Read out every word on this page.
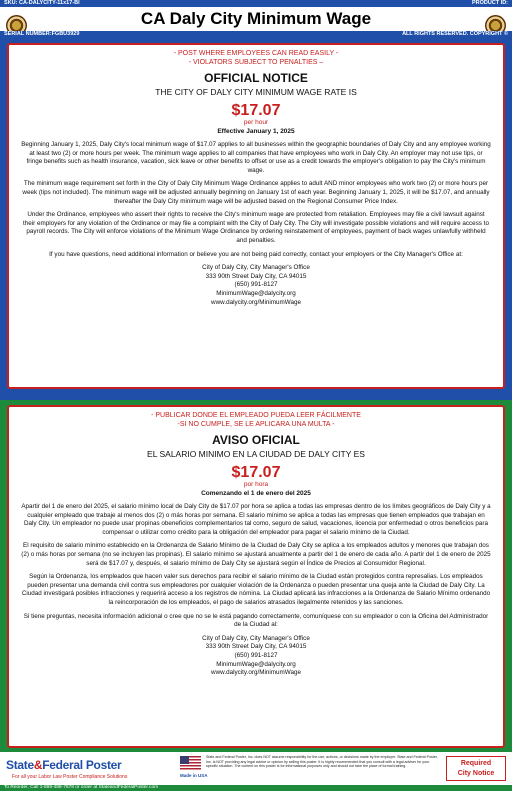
SKU: CA-DALYCITY-11x17-BI	PRODUCT ID:
CA Daly City Minimum Wage
SERIAL NUMBER:FGBU3929	ALL RIGHTS RESERVED. COPYRIGHT ©
- POST WHERE EMPLOYEES CAN READ EASILY -
- VIOLATORS SUBJECT TO PENALTIES –
OFFICIAL NOTICE
THE CITY OF DALY CITY MINIMUM WAGE RATE IS
$17.07
per hour
Effective January 1, 2025

Beginning January 1, 2025, Daly City's local minimum wage of $17.07 applies to all businesses within the geographic boundaries of Daly City and any employee working at least two (2) or more hours per week. The minimum wage applies to all companies that have employees who work in Daly City. An employer may not use tips, or fringe benefits such as health insurance, vacation, sick leave or other benefits to offset or use as a credit towards the employer's obligation to pay the City's minimum wage.

The minimum wage requirement set forth in the City of Daly City Minimum Wage Ordinance applies to adult AND minor employees who work two (2) or more hours per week (tips not included). The minimum wage will be adjusted annually beginning on January 1st of each year. Beginning January 1, 2025, it will be $17.07, and annually thereafter the Daly City minimum wage will be adjusted based on the Regional Consumer Price Index.

Under the Ordinance, employees who assert their rights to receive the City's minimum wage are protected from retaliation. Employees may file a civil lawsuit against their employers for any violation of the Ordinance or may file a complaint with the City of Daly City. The City will investigate possible violations and will require access to payroll records. The City will enforce violations of the Minimum Wage Ordinance by ordering reinstatement of employees, payment of back wages unlawfully withheld and penalties.

If you have questions, need additional information or believe you are not being paid correctly, contact your employers or the City Manager's Office at:

City of Daly City, City Manager's Office
333 90th Street Daly City, CA 94015
(650) 991-8127
MinimumWage@dalycity.org
www.dalycity.org/MinimumWage
- PUBLICAR DONDE EL EMPLEADO PUEDA LEER FÁCILMENTE
-SI NO CUMPLE, SE LE APLICARA UNA MULTA -
AVISO OFICIAL
EL SALARIO MINIMO EN LA CIUDAD DE DALY CITY ES
$17.07
por hora
Comenzando el 1 de enero del 2025

Apartir del 1 de enero del 2025, el salario mínimo local de Daly City de $17.07 por hora se aplica a todas las empresas dentro de los límites geográficos de Daly City y a cualquier empleado que trabaje al menos dos (2) o más horas por semana. El salario mínimo se aplica a todas las empresas que tienen empleados que trabajan en Daly City. Un empleador no puede usar propinas obeneficios complementarios tal como, seguro de salud, vacaciones, licencia por enfermedad o otros beneficios para compensar o utilizar como crédito para la obligación del empleador para pagar el salario mínimo de la Ciudad.

El requisito de salario mínimo establecido en la Ordenanza de Salario Mínimo de la Ciudad de Daly City se aplica a los empleados adultos y menores que trabajan dos (2) o más horas por semana (no se incluyen las propinas). El salario mínimo se ajustará anualmente a partir del 1 de enero de cada año. A partir del 1 de enero de 2025 será de $17.07 y, después, el salario mínimo de Daly City se ajustará según el Índice de Precios al Consumidor Regional.

Según la Ordenanza, los empleados que hacen valer sus derechos para recibir el salario mínimo de la Ciudad están protegidos contra represalias. Los empleados pueden presentar una demanda civil contra sus empleadores por cualquier violación de la Ordenanza o pueden presentar una queja ante la Ciudad de Daly City. La Ciudad investigará posibles infracciones y requerirá acceso a los registros de nómina. La Ciudad aplicará las infracciones a la Ordenanza de Salario Mínimo ordenando la reincorporación de los empleados, el pago de salarios atrasados ilegalmente retenidos y las sanciones.

Si tiene preguntas, necesita información adicional o cree que no se le está pagando correctamente, comuníquese con su empleador o con la Oficina del Administrador de la Ciudad al:

City of Daly City, City Manager's Office
333 90th Street Daly City, CA 94015
(650) 991-8127
MinimumWage@dalycity.org
www.dalycity.org/MinimumWage
State&Federal Poster
For all your Labor Law Poster Compliance Solutions	Made in USA
State and Federal Poster, Inc. does NOT assume responsibility for the use, actions, or decisions made by the employer. State and Federal Poster, Inc. is NOT providing any legal advice or opinion by selling this poster. It is highly recommended that you consult with a legal adviser for your specific situation. The content on this poster is for informational purposes only and should not take the place of formal training.	Required
City Notice
To Reorder, Call 1-888-488-7678 or order at StateandFederalPoster.com
